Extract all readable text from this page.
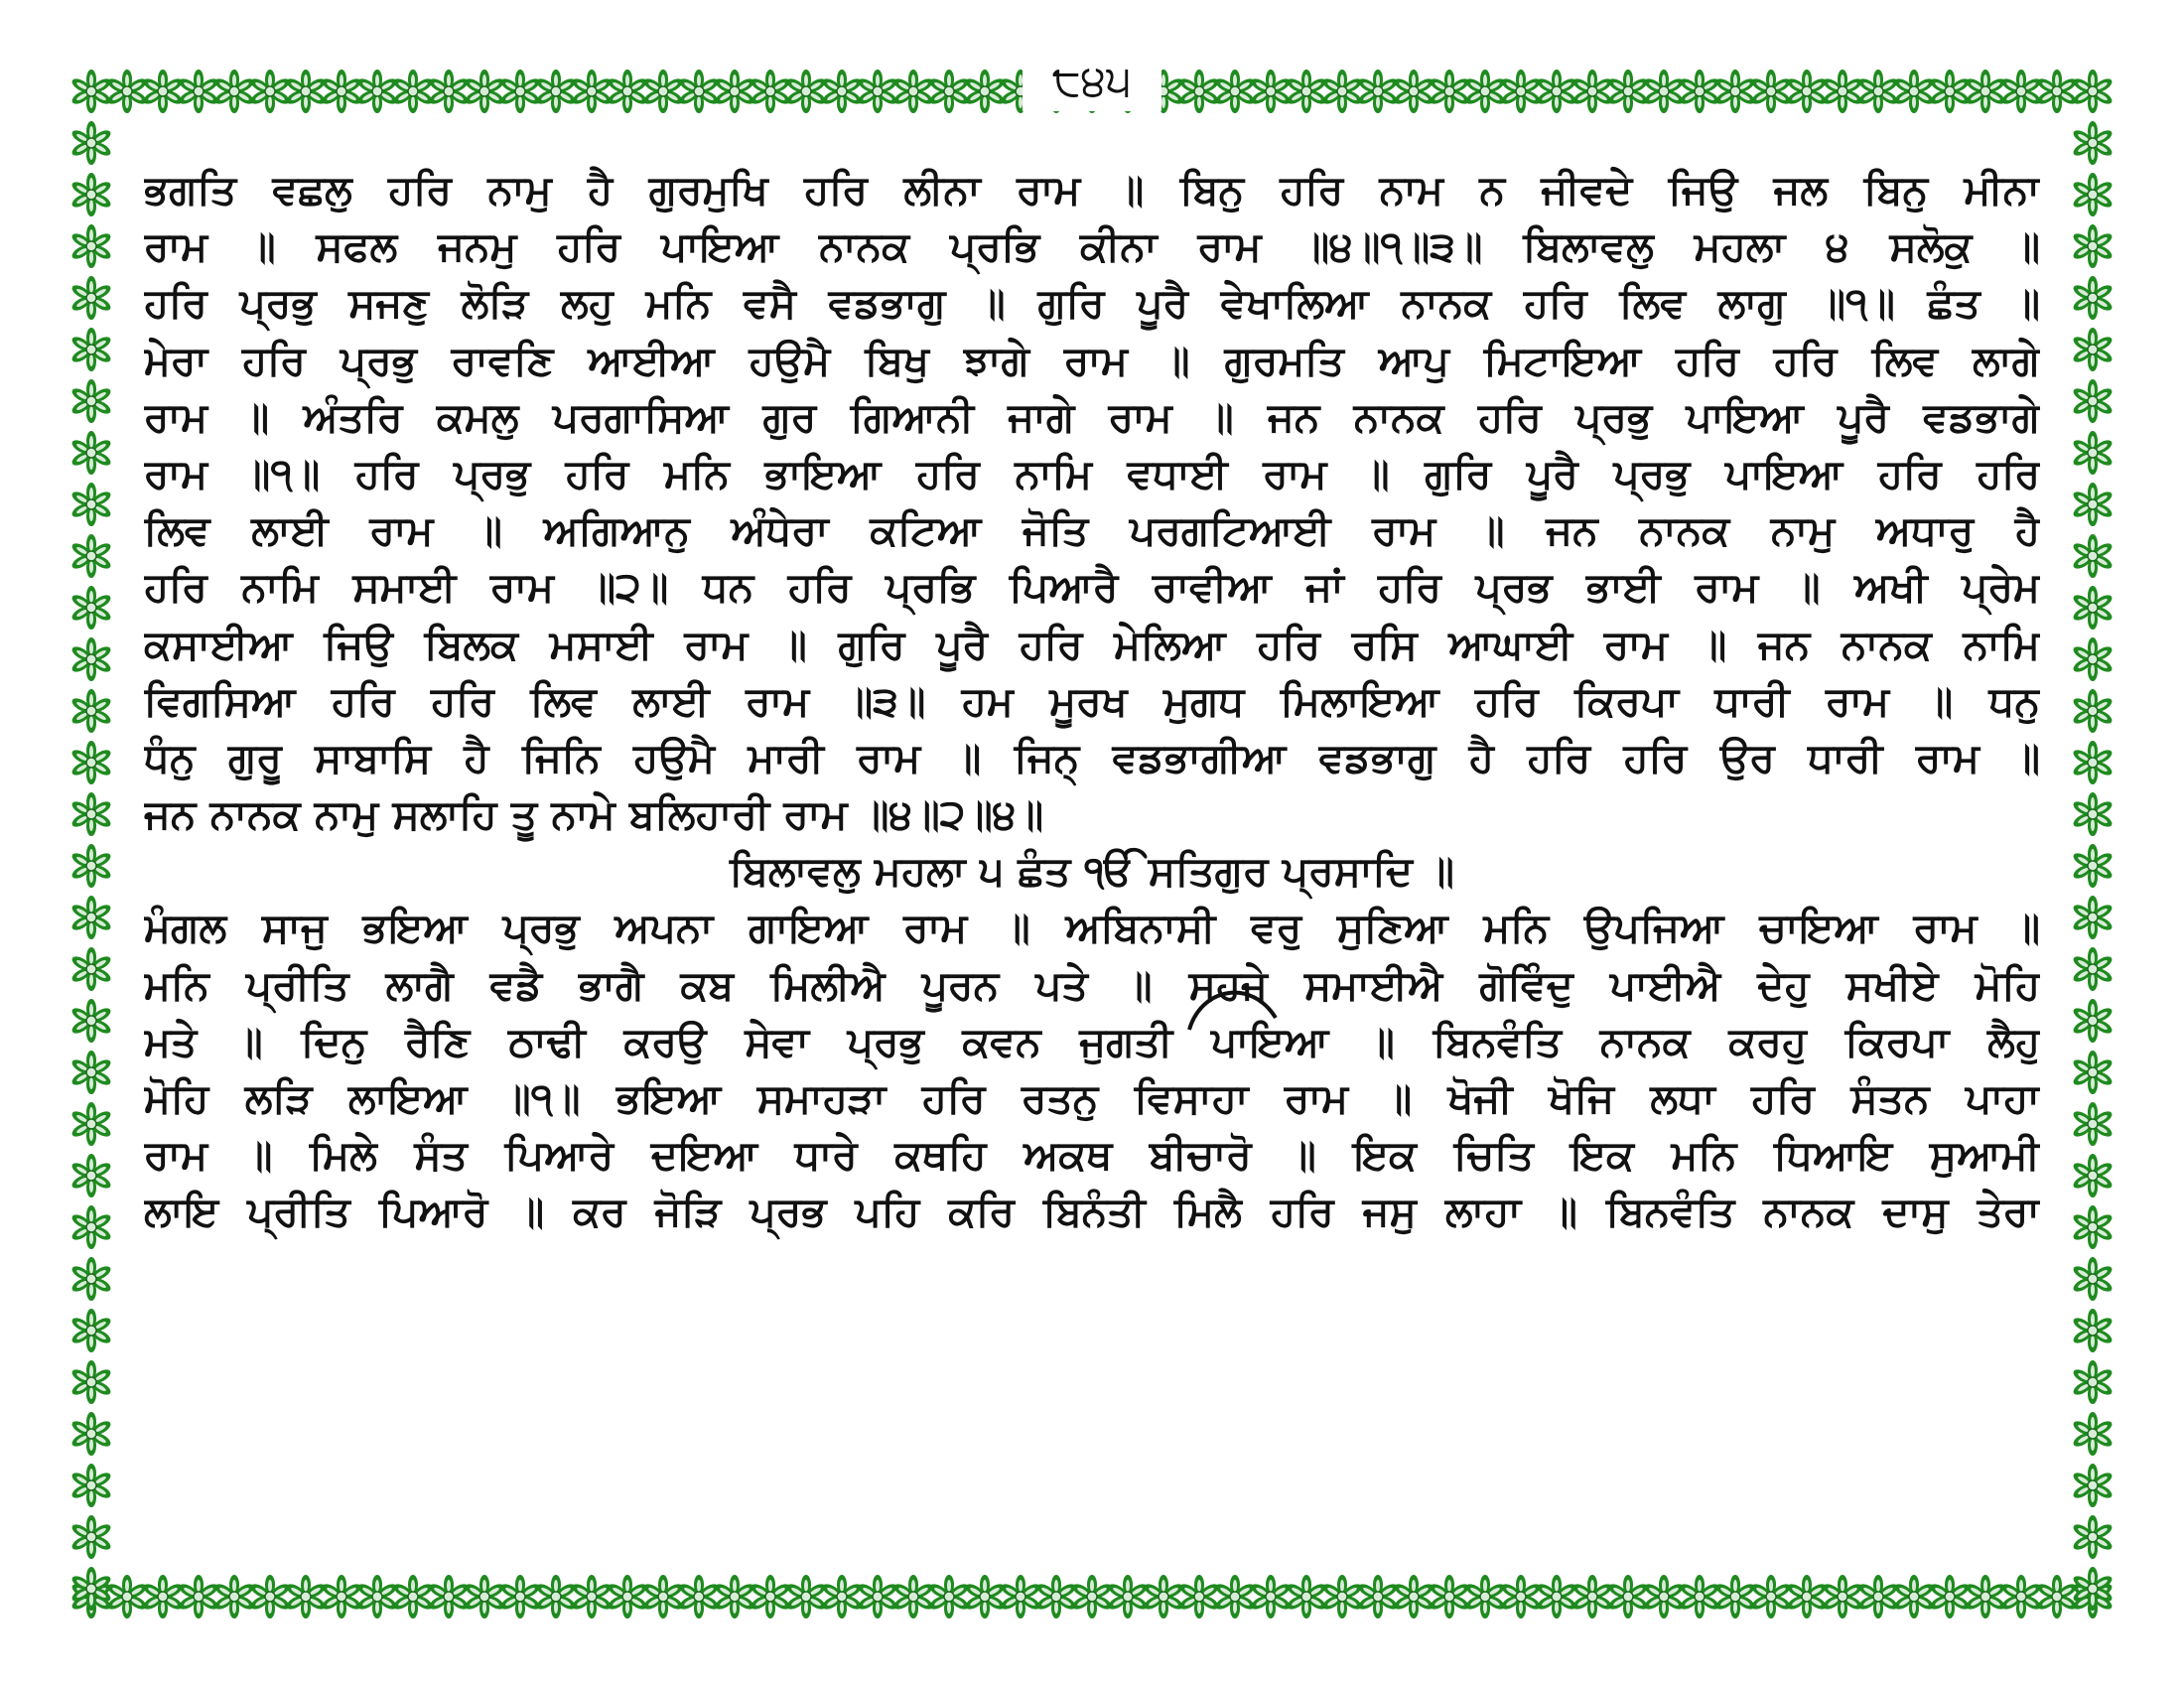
੮੪੫
ਭਗਤਿ ਵਛਲੁ ਹਰਿ ਨਾਮੁ ਹੈ ਗੁਰਮੁਖਿ ਹਰਿ ਲੀਨਾ ਰਾਮ ॥ ਬਿਨੁ ਹਰਿ ਨਾਮ ਨ ਜੀਵਦੇ ਜਿਉ ਜਲ ਬਿਨੁ ਮੀਨਾ
ਰਾਮ ॥ ਸਫਲ ਜਨਮੁ ਹਰਿ ਪਾਇਆ ਨਾਨਕ ਪ੍ਰਭਿ ਕੀਨਾ ਰਾਮ ॥੪॥੧॥੩॥ ਬਿਲਾਵਲੁ ਮਹਲਾ ੪ ਸਲੋਕੁ ॥
ਹਰਿ ਪ੍ਰਭੁ ਸਜਣੁ ਲੋੜਿ ਲਹੁ ਮਨਿ ਵਸੈ ਵਡਭਾਗੁ ॥ ਗੁਰਿ ਪੂਰੈ ਵੇਖਾਲਿਆ ਨਾਨਕ ਹਰਿ ਲਿਵ ਲਾਗੁ ॥੧॥ ਛੰਤ ॥
ਮੇਰਾ ਹਰਿ ਪ੍ਰਭੁ ਰਾਵਣਿ ਆਈਆ ਹਉਮੈ ਬਿਖੁ ਝਾਗੇ ਰਾਮ ॥ ਗੁਰਮਤਿ ਆਪੁ ਮਿਟਾਇਆ ਹਰਿ ਹਰਿ ਲਿਵ ਲਾਗੇ
ਰਾਮ ॥ ਅੰਤਰਿ ਕਮਲੁ ਪਰਗਾਸਿਆ ਗੁਰ ਗਿਆਨੀ ਜਾਗੇ ਰਾਮ ॥ ਜਨ ਨਾਨਕ ਹਰਿ ਪ੍ਰਭੁ ਪਾਇਆ ਪੂਰੈ ਵਡਭਾਗੇ
ਰਾਮ ॥੧॥ ਹਰਿ ਪ੍ਰਭੁ ਹਰਿ ਮਨਿ ਭਾਇਆ ਹਰਿ ਨਾਮਿ ਵਧਾਈ ਰਾਮ ॥ ਗੁਰਿ ਪੂਰੈ ਪ੍ਰਭੁ ਪਾਇਆ ਹਰਿ ਹਰਿ
ਲਿਵ ਲਾਈ ਰਾਮ ॥ ਅਗਿਆਨੁ ਅੰਧੇਰਾ ਕਟਿਆ ਜੋਤਿ ਪਰਗਟਿਆਈ ਰਾਮ ॥ ਜਨ ਨਾਨਕ ਨਾਮੁ ਅਧਾਰੁ ਹੈ
ਹਰਿ ਨਾਮਿ ਸਮਾਈ ਰਾਮ ॥੨॥ ਧਨ ਹਰਿ ਪ੍ਰਭਿ ਪਿਆਰੈ ਰਾਵੀਆ ਜਾਂ ਹਰਿ ਪ੍ਰਭ ਭਾਈ ਰਾਮ ॥ ਅਖੀ ਪ੍ਰੇਮ
ਕਸਾਈਆ ਜਿਉ ਬਿਲਕ ਮਸਾਈ ਰਾਮ ॥ ਗੁਰਿ ਪੂਰੈ ਹਰਿ ਮੇਲਿਆ ਹਰਿ ਰਸਿ ਆਘਾਈ ਰਾਮ ॥ ਜਨ ਨਾਨਕ ਨਾਮਿ
ਵਿਗਸਿਆ ਹਰਿ ਹਰਿ ਲਿਵ ਲਾਈ ਰਾਮ ॥੩॥ ਹਮ ਮੂਰਖ ਮੁਗਧ ਮਿਲਾਇਆ ਹਰਿ ਕਿਰਪਾ ਧਾਰੀ ਰਾਮ ॥ ਧਨੁ
ਧੰਨੁ ਗੁਰੂ ਸਾਬਾਸਿ ਹੈ ਜਿਨਿ ਹਉਮੈ ਮਾਰੀ ਰਾਮ ॥ ਜਿਨ੍ ਵਡਭਾਗੀਆ ਵਡਭਾਗੁ ਹੈ ਹਰਿ ਹਰਿ ਉਰ ਧਾਰੀ ਰਾਮ ॥
ਜਨ ਨਾਨਕ ਨਾਮੁ ਸਲਾਹਿ ਤੂ ਨਾਮੇ ਬਲਿਹਾਰੀ ਰਾਮ ॥੪॥੨॥੪॥
ਬਿਲਾਵਲੁ ਮਹਲਾ ੫ ਛੰਤ ੴ ਸਤਿਗੁਰ ਪ੍ਰਸਾਦਿ ॥
ਮੰਗਲ ਸਾਜੁ ਭਇਆ ਪ੍ਰਭੁ ਅਪਨਾ ਗਾਇਆ ਰਾਮ ॥ ਅਬਿਨਾਸੀ ਵਰੁ ਸੁਣਿਆ ਮਨਿ ਉਪਜਿਆ ਚਾਇਆ ਰਾਮ ॥
ਮਨਿ ਪ੍ਰੀਤਿ ਲਾਗੈ ਵਡੈ ਭਾਗੈ ਕਬ ਮਿਲੀਐ ਪੂਰਨ ਪਤੇ ॥ ਸਹਜੇ ਸਮਾਈਐ ਗੋਵਿੰਦੁ ਪਾਈਐ ਦੇਹੁ ਸਖੀਏ ਮੋਹਿ
ਮਤੇ ॥ ਦਿਨੁ ਰੈਣਿ ਠਾਢੀ ਕਰਉ ਸੇਵਾ ਪ੍ਰਭੁ ਕਵਨ ਜੁਗਤੀ ਪਾਇਆ ॥ ਬਿਨਵੰਤਿ ਨਾਨਕ ਕਰਹੁ ਕਿਰਪਾ ਲੈਹੁ
ਮੋਹਿ ਲੜਿ ਲਾਇਆ ॥੧॥ ਭਇਆ ਸਮਾਹੜਾ ਹਰਿ ਰਤਨੁ ਵਿਸਾਹਾ ਰਾਮ ॥ ਖੋਜੀ ਖੋਜਿ ਲਧਾ ਹਰਿ ਸੰਤਨ ਪਾਹਾ
ਰਾਮ ॥ ਮਿਲੇ ਸੰਤ ਪਿਆਰੇ ਦਇਆ ਧਾਰੇ ਕਥਹਿ ਅਕਥ ਬੀਚਾਰੋ ॥ ਇਕ ਚਿਤਿ ਇਕ ਮਨਿ ਧਿਆਇ ਸੁਆਮੀ
ਲਾਇ ਪ੍ਰੀਤਿ ਪਿਆਰੋ ॥ ਕਰ ਜੋੜਿ ਪ੍ਰਭ ਪਹਿ ਕਰਿ ਬਿਨੰਤੀ ਮਿਲੈ ਹਰਿ ਜਸੁ ਲਾਹਾ ॥ ਬਿਨਵੰਤਿ ਨਾਨਕ ਦਾਸੁ ਤੇਰਾ
